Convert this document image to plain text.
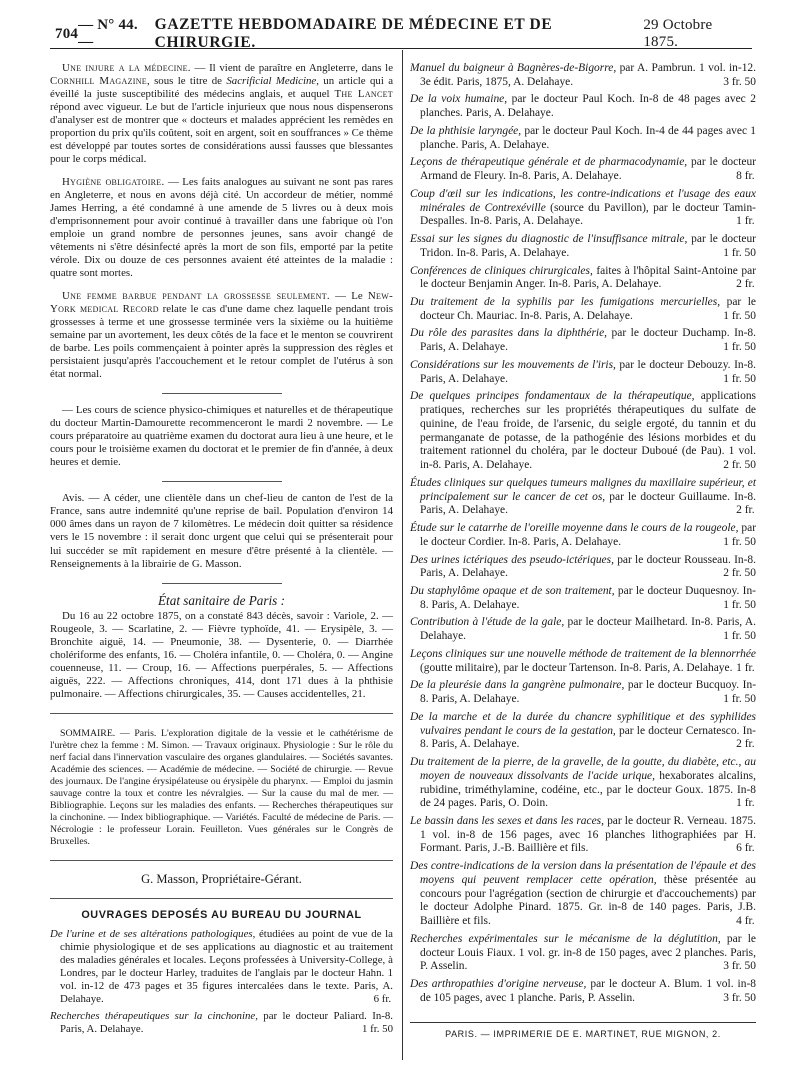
704
— N° 44. —
GAZETTE HEBDOMADAIRE DE MÉDECINE ET DE CHIRURGIE.
29 Octobre 1875.

Une injure a la médecine. — Il vient de paraître en Angleterre, dans le Cornhill Magazine, sous le titre de Sacrificial Medicine, un article qui a éveillé la juste susceptibilité des médecins anglais, et auquel The Lancet répond avec vigueur. Le but de l'article injurieux que nous nous dispenserons d'analyser est de montrer que « docteurs et malades apprécient les remèdes en proportion du prix qu'ils coûtent, soit en argent, soit en souffrances » Ce thème est développé par toutes sortes de considérations aussi fausses que blessantes pour le corps médical.

Hygiène obligatoire. — Les faits analogues au suivant ne sont pas rares en Angleterre, et nous en avons déjà cité. Un accordeur de métier, nommé James Herring, a été condamné à une amende de 5 livres ou à deux mois d'emprisonnement pour avoir continué à travailler dans une fabrique où l'on emploie un grand nombre de personnes jeunes, sans avoir changé de vêtements ni s'être désinfecté après la mort de son fils, emporté par la petite vérole. Dix ou douze de ces personnes avaient été atteintes de la maladie : quatre sont mortes.

Une femme barbue pendant la grossesse seulement. — Le New-York medical Record relate le cas d'une dame chez laquelle pendant trois grossesses à terme et une grossesse terminée vers la sixième ou la huitième semaine par un avortement, les deux côtés de la face et le menton se couvrirent de barbe. Les poils commençaient à pointer après la suppression des règles et persistaient jusqu'après l'accouchement et le retour complet de l'utérus à son état normal.

— Les cours de science physico-chimiques et naturelles et de thérapeutique du docteur Martin-Damourette recommenceront le mardi 2 novembre. — Le cours préparatoire au quatrième examen du doctorat aura lieu à une heure, et le cours pour le troisième examen du doctorat et le premier de fin d'année, à deux heures et demie.

Avis. — A céder, une clientèle dans un chef-lieu de canton de l'est de la France, sans autre indemnité qu'une reprise de bail. Population d'environ 14 000 âmes dans un rayon de 7 kilomètres. Le médecin doit quitter sa résidence vers le 15 novembre : il serait donc urgent que celui qui se présenterait pour lui succéder se mît rapidement en mesure d'être présenté à la clientèle. — Renseignements à la librairie de G. Masson.

État sanitaire de Paris :

Du 16 au 22 octobre 1875, on a constaté 843 décès, savoir : Variole, 2. — Rougeole, 3. — Scarlatine, 2. — Fièvre typhoïde, 41. — Erysipèle, 3. — Bronchite aiguë, 14. — Pneumonie, 38. — Dysenterie, 0. — Diarrhée cholériforme des enfants, 16. — Choléra infantile, 0. — Choléra, 0. — Angine couenneuse, 11. — Croup, 16. — Affections puerpérales, 5. — Affections aiguës, 222. — Affections chroniques, 414, dont 171 dues à la phthisie pulmonaire. — Affections chirurgicales, 35. — Causes accidentelles, 21.

SOMMAIRE. — Paris. L'exploration digitale de la vessie et le cathétérisme de l'urètre chez la femme : M. Simon. — Travaux originaux. Physiologie : Sur le rôle du nerf facial dans l'innervation vasculaire des organes glandulaires. — Sociétés savantes. Académie des sciences. — Académie de médecine. — Société de chirurgie. — Revue des journaux. De l'angine érysipélateuse ou érysipèle du pharynx. — Emploi du jasmin sauvage contre la toux et contre les névralgies. — Sur la cause du mal de mer. — Bibliographie. Leçons sur les maladies des enfants. — Recherches thérapeutiques sur la cinchonine. — Index bibliographique. — Variétés. Faculté de médecine de Paris. — Nécrologie : le professeur Lorain. Feuilleton. Vues générales sur le Congrès de Bruxelles.

G. Masson, Propriétaire-Gérant.

OUVRAGES DEPOSÉS AU BUREAU DU JOURNAL

De l'urine et de ses altérations pathologiques, étudiées au point de vue de la chimie physiologique et de ses applications au diagnostic et au traitement des maladies générales et locales. Leçons professées à University-College, à Londres, par le docteur Harley, traduites de l'anglais par le docteur Hahn. 1 vol. in-12 de 473 pages et 35 figures intercalées dans le texte. Paris, A. Delahaye.	6 fr.

Recherches thérapeutiques sur la cinchonine, par le docteur Paliard. In-8. Paris, A. Delahaye.	1 fr. 50

Manuel du baigneur à Bagnères-de-Bigorre, par A. Pambrun. 1 vol. in-12. 3e édit. Paris, 1875, A. Delahaye.	3 fr. 50

De la voix humaine, par le docteur Paul Koch. In-8 de 48 pages avec 2 planches. Paris, A. Delahaye.

De la phthisie laryngée, par le docteur Paul Koch. In-4 de 44 pages avec 1 planche. Paris, A. Delahaye.

Leçons de thérapeutique générale et de pharmacodynamie, par le docteur Armand de Fleury. In-8. Paris, A. Delahaye.	8 fr.

Coup d'œil sur les indications, les contre-indications et l'usage des eaux minérales de Contrexéville (source du Pavillon), par le docteur Tamin-Despalles. In-8. Paris, A. Delahaye.	1 fr.

Essai sur les signes du diagnostic de l'insuffisance mitrale, par le docteur Tridon. In-8. Paris, A. Delahaye.	1 fr. 50

Conférences de cliniques chirurgicales, faites à l'hôpital Saint-Antoine par le docteur Benjamin Anger. In-8. Paris, A. Delahaye.	2 fr.

Du traitement de la syphilis par les fumigations mercurielles, par le docteur Ch. Mauriac. In-8. Paris, A. Delahaye.	1 fr. 50

Du rôle des parasites dans la diphthérie, par le docteur Duchamp. In-8. Paris, A. Delahaye.	1 fr. 50

Considérations sur les mouvements de l'iris, par le docteur Debouzy. In-8. Paris, A. Delahaye.	1 fr. 50

De quelques principes fondamentaux de la thérapeutique, applications pratiques, recherches sur les propriétés thérapeutiques du sulfate de quinine, de l'eau froide, de l'arsenic, du seigle ergoté, du tannin et du permanganate de potasse, de la pathogénie des lésions morbides et du traitement rationnel du choléra, par le docteur Duboué (de Pau). 1 vol. in-8. Paris, A. Delahaye.	2 fr. 50

Études cliniques sur quelques tumeurs malignes du maxillaire supérieur, et principalement sur le cancer de cet os, par le docteur Guillaume. In-8. Paris, A. Delahaye.	2 fr.

Étude sur le catarrhe de l'oreille moyenne dans le cours de la rougeole, par le docteur Cordier. In-8. Paris, A. Delahaye.	1 fr. 50

Des urines ictériques des pseudo-ictériques, par le docteur Rousseau. In-8. Paris, A. Delahaye.	2 fr. 50

Du staphylôme opaque et de son traitement, par le docteur Duquesnoy. In-8. Paris, A. Delahaye.	1 fr. 50

Contribution à l'étude de la gale, par le docteur Mailhetard. In-8. Paris, A. Delahaye.	1 fr. 50

Leçons cliniques sur une nouvelle méthode de traitement de la blennorrhée (goutte militaire), par le docteur Tartenson. In-8. Paris, A. Delahaye. 1 fr.

De la pleurésie dans la gangrène pulmonaire, par le docteur Bucquoy. In-8. Paris, A. Delahaye.	1 fr. 50

De la marche et de la durée du chancre syphilitique et des syphilides vulvaires pendant le cours de la gestation, par le docteur Cernatesco. In-8. Paris, A. Delahaye.	2 fr.

Du traitement de la pierre, de la gravelle, de la goutte, du diabète, etc., au moyen de nouveaux dissolvants de l'acide urique, hexaborates alcalins, rubidine, triméthylamine, codéine, etc., par le docteur Goux. 1875. In-8 de 24 pages. Paris, O. Doin.	1 fr.

Le bassin dans les sexes et dans les races, par le docteur R. Verneau. 1875. 1 vol. in-8 de 156 pages, avec 16 planches lithographiées par H. Formant. Paris, J.-B. Baillière et fils.	6 fr.

Des contre-indications de la version dans la présentation de l'épaule et des moyens qui peuvent remplacer cette opération, thèse présentée au concours pour l'agrégation (section de chirurgie et d'accouchements) par le docteur Adolphe Pinard. 1875. Gr. in-8 de 140 pages. Paris, J.B. Baillière et fils.	4 fr.

Recherches expérimentales sur le mécanisme de la déglutition, par le docteur Louis Fiaux. 1 vol. gr. in-8 de 150 pages, avec 2 planches. Paris, P. Asselin.	3 fr. 50

Des arthropathies d'origine nerveuse, par le docteur A. Blum. 1 vol. in-8 de 105 pages, avec 1 planche. Paris, P. Asselin.	3 fr. 50

PARIS. — IMPRIMERIE DE E. MARTINET, RUE MIGNON, 2.
